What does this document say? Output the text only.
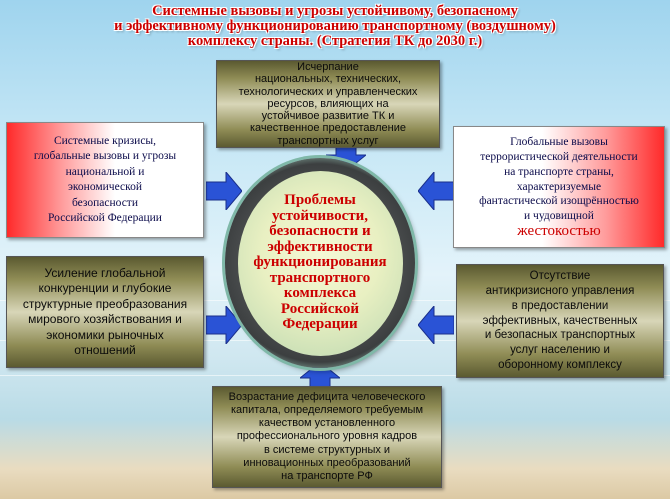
Системные вызовы и угрозы устойчивому, безопасному
и эффективному функционированию транспортному (воздушному)
комплексу страны. (Стратегия ТК до 2030 г.)
Исчерпание
национальных, технических,
технологических и управленческих
ресурсов, влияющих на
устойчивое развитие ТК и
качественное предоставление
транспортных услуг
Системные кризисы,
глобальные вызовы и угрозы
национальной и
экономической
безопасности
Российской Федерации
Глобальные вызовы
террористической деятельности
на транспорте страны,
характеризуемые
фантастической изощрённостью
и чудовищной
жестокостью
Усиление глобальной
конкуренции и глубокие
структурные преобразования
мирового хозяйствования и
экономики рыночных
отношений
Отсутствие
антикризисного управления
в предоставлении
эффективных, качественных
и безопасных транспортных
услуг населению и
оборонному комплексу
Возрастание дефицита человеческого
капитала, определяемого требуемым
качеством установленного
профессионального уровня кадров
в системе структурных и
инновационных преобразований
на транспорте РФ
Проблемы
устойчивости,
безопасности и
эффективности
функционирования
транспортного
комплекса
Российской
Федерации
